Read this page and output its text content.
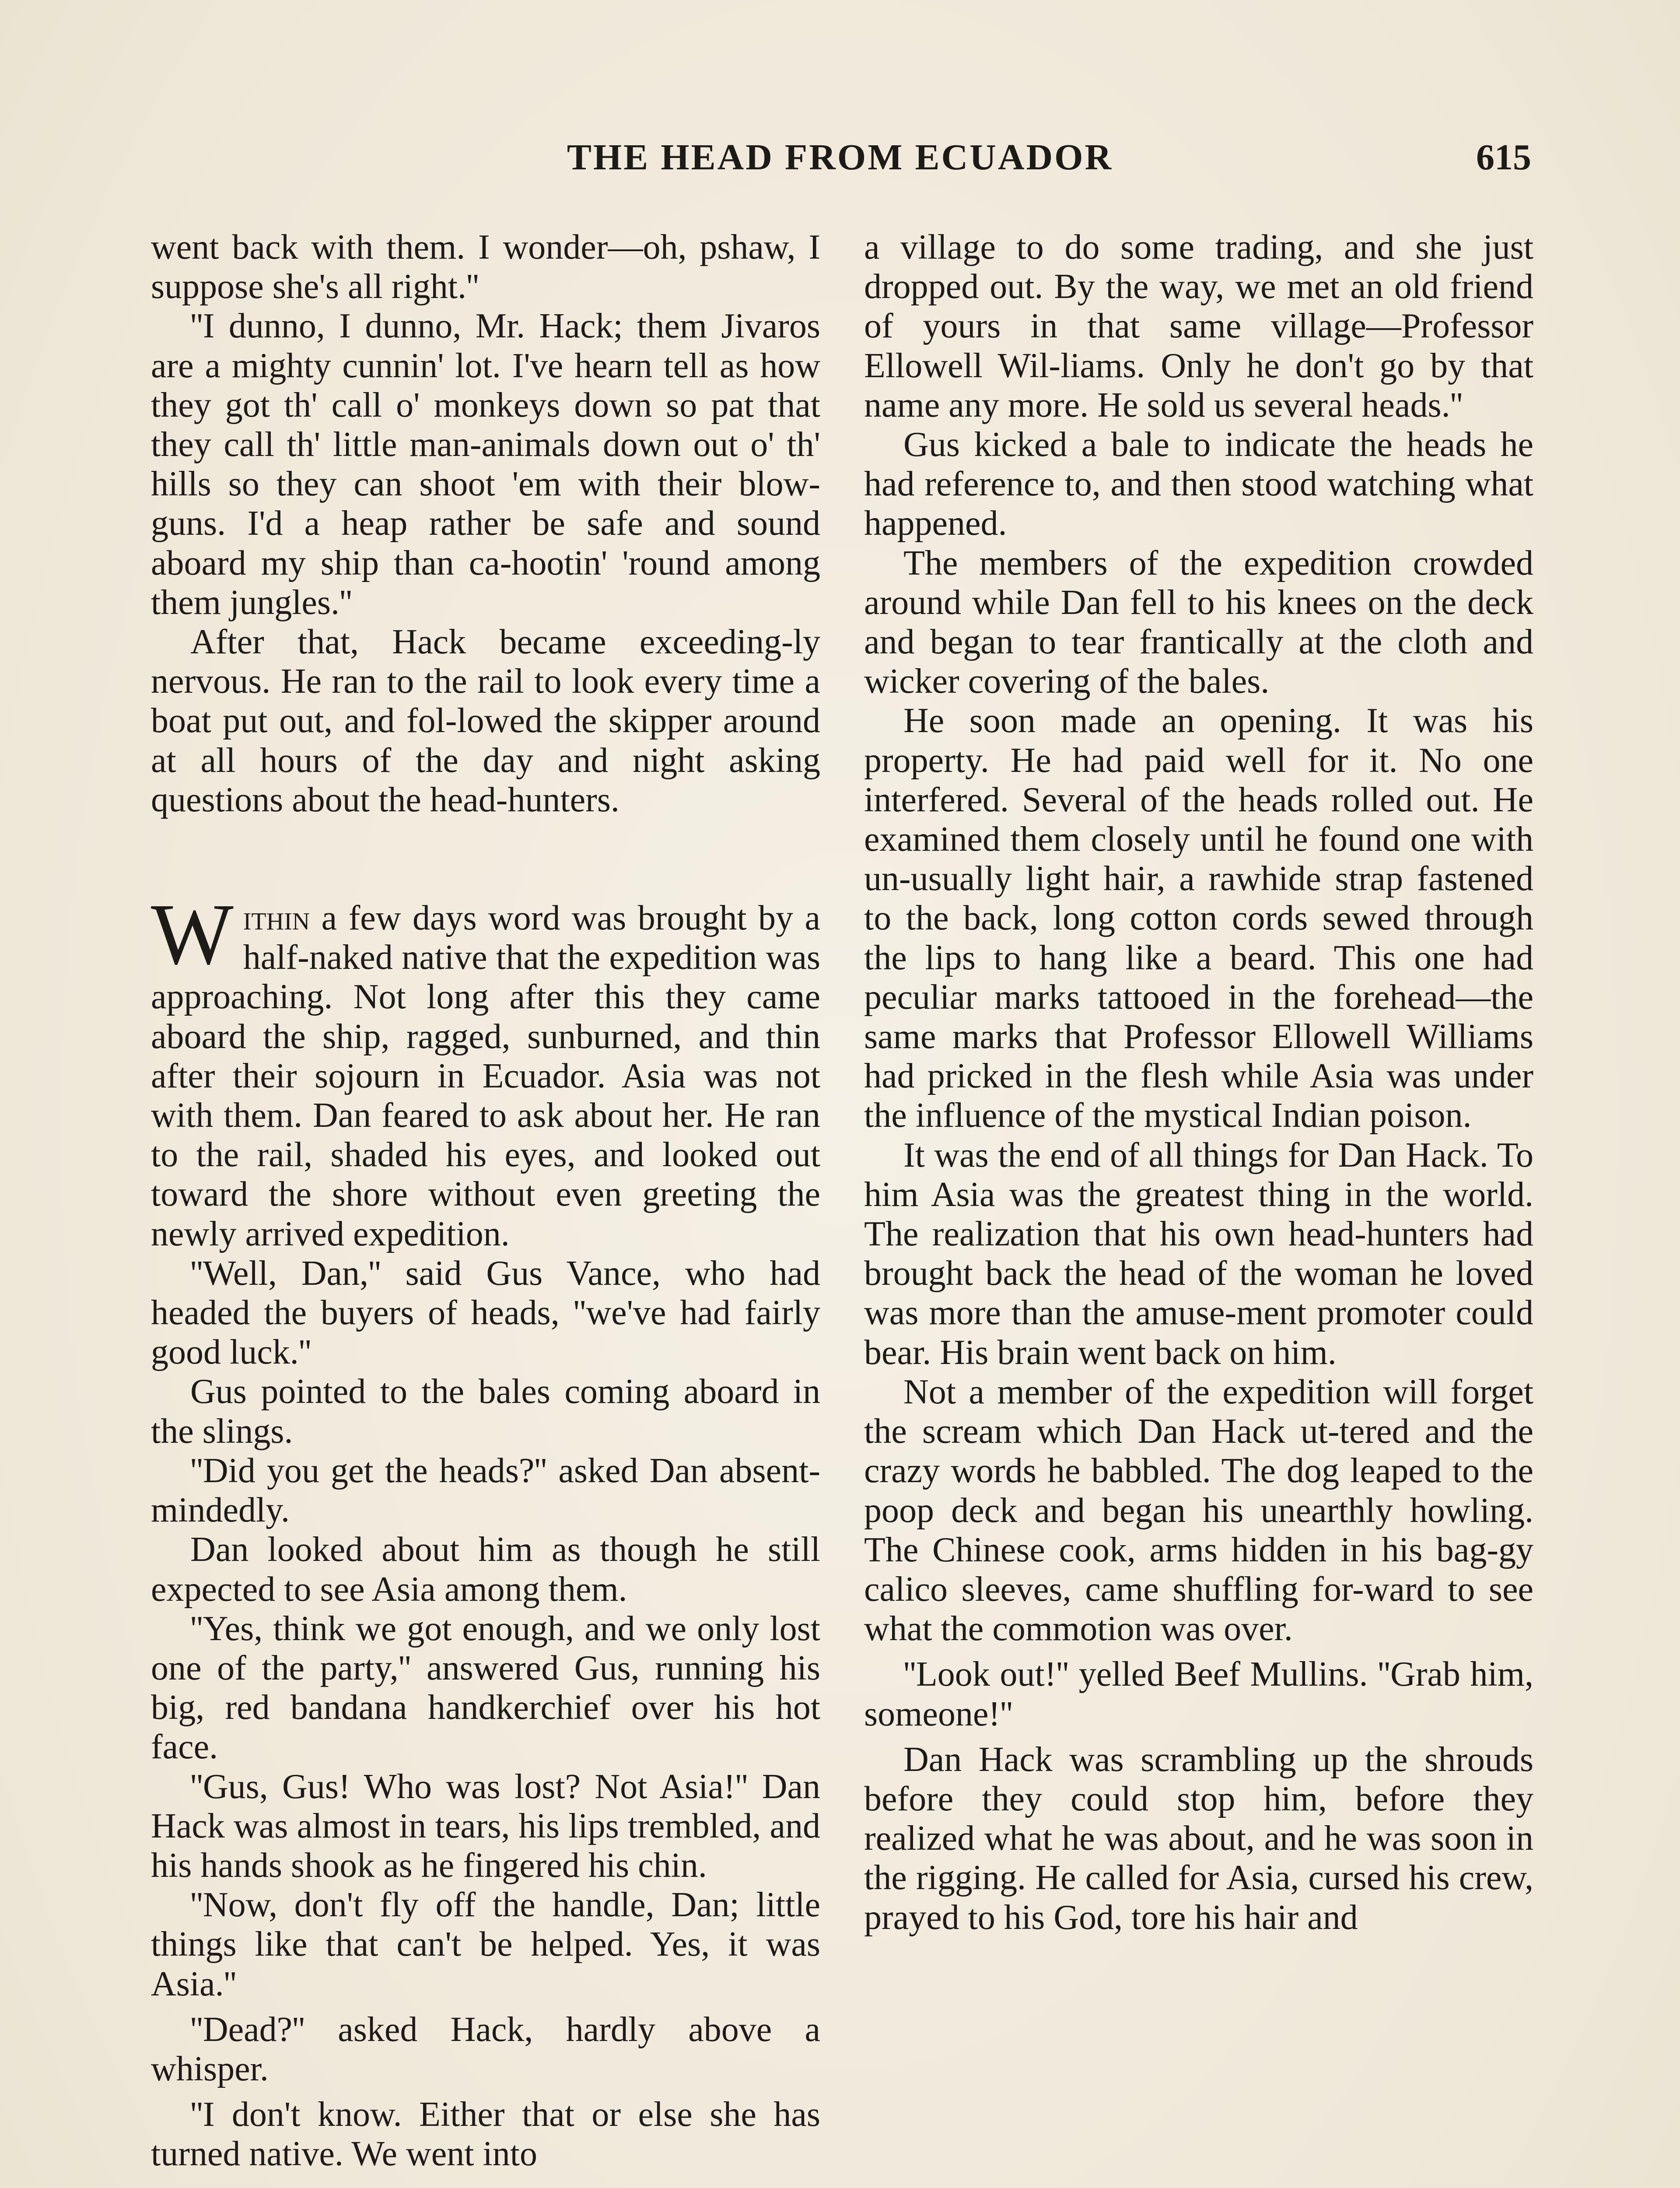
THE HEAD FROM ECUADOR	615

went back with them. I wonder—oh, pshaw, I suppose she's all right.''

''I dunno, I dunno, Mr. Hack; them Jivaros are a mighty cunnin' lot. I've hearn tell as how they got th' call o' monkeys down so pat that they call th' little man-animals down out o' th' hills so they can shoot 'em with their blow-guns. I'd a heap rather be safe and sound aboard my ship than ca-hootin' 'round among them jungles.''

After that, Hack became exceeding-ly nervous. He ran to the rail to look every time a boat put out, and fol-lowed the skipper around at all hours of the day and night asking questions about the head-hunters.

Within a few days word was brought by a half-naked native that the expedition was approaching. Not long after this they came aboard the ship, ragged, sunburned, and thin after their sojourn in Ecuador. Asia was not with them. Dan feared to ask about her. He ran to the rail, shaded his eyes, and looked out toward the shore without even greeting the newly arrived expedition.

''Well, Dan,'' said Gus Vance, who had headed the buyers of heads, ''we've had fairly good luck.''

Gus pointed to the bales coming aboard in the slings.

''Did you get the heads?'' asked Dan absent-mindedly.

Dan looked about him as though he still expected to see Asia among them.

''Yes, think we got enough, and we only lost one of the party,'' answered Gus, running his big, red bandana handkerchief over his hot face.

''Gus, Gus! Who was lost? Not Asia!'' Dan Hack was almost in tears, his lips trembled, and his hands shook as he fingered his chin.

''Now, don't fly off the handle, Dan; little things like that can't be helped. Yes, it was Asia.''

''Dead?'' asked Hack, hardly above a whisper.

''I don't know. Either that or else she has turned native. We went into

a village to do some trading, and she just dropped out. By the way, we met an old friend of yours in that same village—Professor Ellowell Wil-liams. Only he don't go by that name any more. He sold us several heads.''

Gus kicked a bale to indicate the heads he had reference to, and then stood watching what happened.

The members of the expedition crowded around while Dan fell to his knees on the deck and began to tear frantically at the cloth and wicker covering of the bales.

He soon made an opening. It was his property. He had paid well for it. No one interfered. Several of the heads rolled out. He examined them closely until he found one with un-usually light hair, a rawhide strap fastened to the back, long cotton cords sewed through the lips to hang like a beard. This one had peculiar marks tattooed in the forehead—the same marks that Professor Ellowell Williams had pricked in the flesh while Asia was under the influence of the mystical Indian poison.

It was the end of all things for Dan Hack. To him Asia was the greatest thing in the world. The realization that his own head-hunters had brought back the head of the woman he loved was more than the amuse-ment promoter could bear. His brain went back on him.

Not a member of the expedition will forget the scream which Dan Hack ut-tered and the crazy words he babbled. The dog leaped to the poop deck and began his unearthly howling. The Chinese cook, arms hidden in his bag-gy calico sleeves, came shuffling for-ward to see what the commotion was over.

''Look out!'' yelled Beef Mullins. ''Grab him, someone!''

Dan Hack was scrambling up the shrouds before they could stop him, before they realized what he was about, and he was soon in the rigging. He called for Asia, cursed his crew, prayed to his God, tore his hair and
